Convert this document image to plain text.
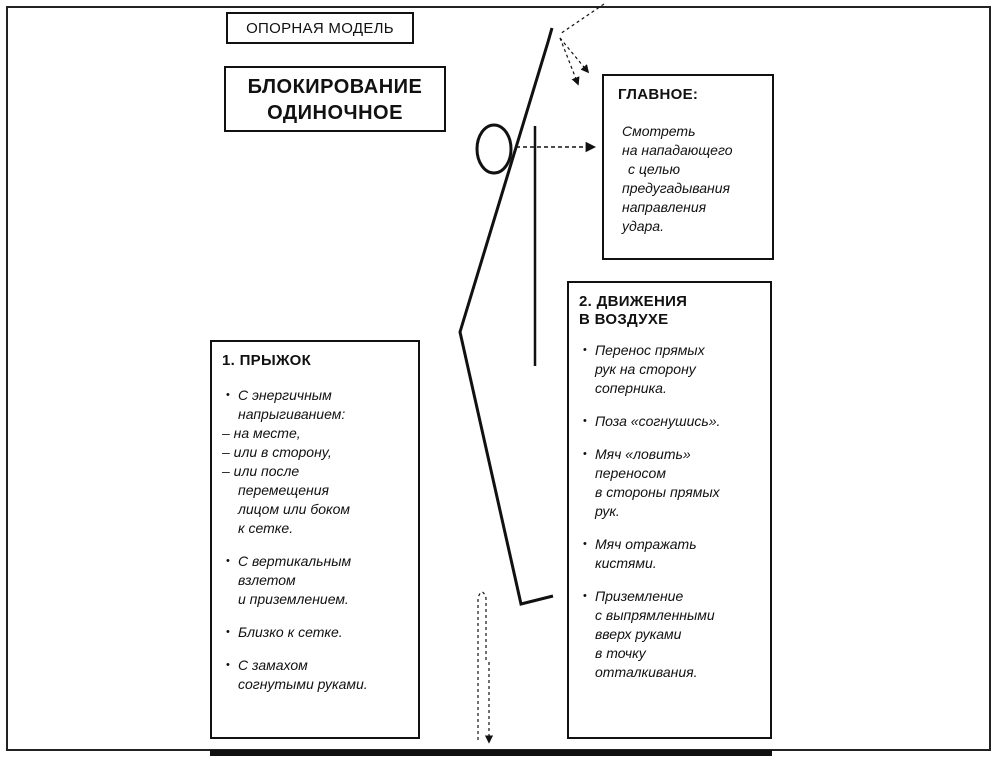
ОПОРНАЯ МОДЕЛЬ
БЛОКИРОВАНИЕ
ОДИНОЧНОЕ
ГЛАВНОЕ:
Смотреть
на нападающего
с целью
предугадывания
направления
удара.
1. ПРЫЖОК
• С энергичным
напрыгиванием:
– на месте,
– или в сторону,
– или после
перемещения
лицом или боком
к сетке.
• С вертикальным
взлетом
и приземлением.
• Близко к сетке.
• С замахом
согнутыми руками.
2. ДВИЖЕНИЯ
В ВОЗДУХЕ
• Перенос прямых
рук на сторону
соперника.
• Поза «согнушись».
• Мяч «ловить»
переносом
в стороны прямых
рук.
• Мяч отражать
кистями.
• Приземление
с выпрямленными
вверх руками
в точку
отталкивания.
